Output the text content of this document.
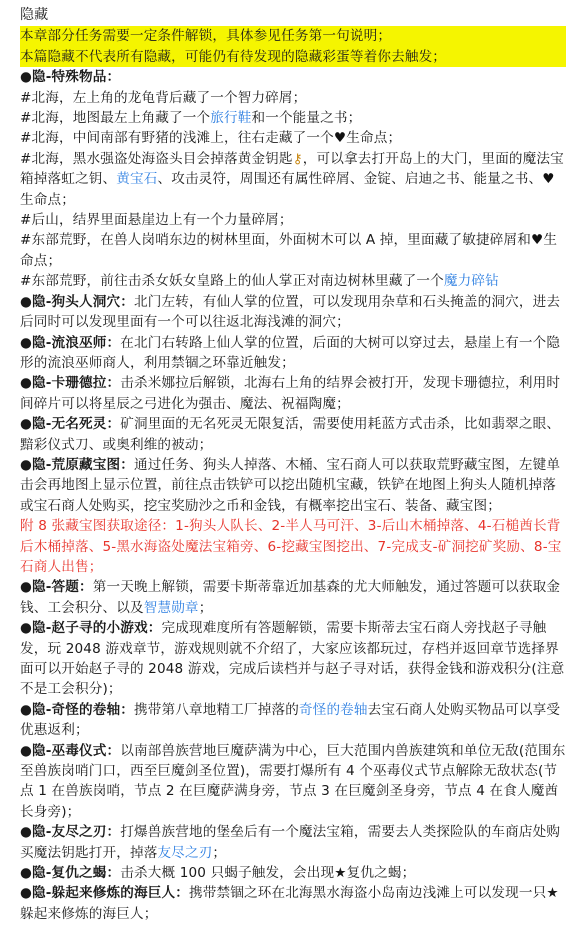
隐藏

本章部分任务需要一定条件解锁，具体参见任务第一句说明；
本篇隐藏不代表所有隐藏，可能仍有待发现的隐藏彩蛋等着你去触发；

●隐-特殊物品：

#北海，左上角的龙龟背后藏了一个智力碎屑；

#北海，地图最左上角藏了一个旅行鞋和一个能量之书；

#北海，中间南部有野猪的浅滩上，往右走藏了一个♥生命点；

#北海，黑水强盗处海盗头目会掉落黄金钥匙⚷，可以拿去打开岛上的大门，里面的魔法宝箱掉落虹之钥、黄宝石、攻击灵符，周围还有属性碎屑、金锭、启迪之书、能量之书、♥生命点；

#后山，结界里面悬崖边上有一个力量碎屑；

#东部荒野，在兽人岗哨东边的树林里面，外面树木可以 A 掉，里面藏了敏捷碎屑和♥生命点；

#东部荒野，前往击杀女妖女皇路上的仙人掌正对南边树林里藏了一个魔力碎钻

●隐-狗头人洞穴：北门左转，有仙人掌的位置，可以发现用杂草和石头掩盖的洞穴，进去后同时可以发现里面有一个可以往返北海浅滩的洞穴；

●隐-流浪巫师：在北门右转路上仙人掌的位置，后面的大树可以穿过去，悬崖上有一个隐形的流浪巫师商人，利用禁锢之环靠近触发；

●隐-卡珊德拉：击杀米娜拉后解锁，北海右上角的结界会被打开，发现卡珊德拉，利用时间碎片可以将星辰之弓进化为强击、魔法、祝福陶魔；

●隐-无名死灵：矿洞里面的无名死灵无限复活，需要使用耗蓝方式击杀，比如翡翠之眼、黯彩仪式刀、或奥利维的被动；

●隐-荒原藏宝图：通过任务、狗头人掉落、木桶、宝石商人可以获取荒野藏宝图，左键单击会再地图上显示位置，前往点击铁铲可以挖出随机宝藏，铁铲在地图上狗头人随机掉落或宝石商人处购买，挖宝奖励沙之币和金钱，有概率挖出宝石、装备、藏宝图；

附 8 张藏宝图获取途径：1-狗头人队长、2-半人马可汗、3-后山木桶掉落、4-石槌酋长背后木桶掉落、5-黑水海盗处魔法宝箱旁、6-挖藏宝图挖出、7-完成支-矿洞挖矿奖励、8-宝石商人出售；

●隐-答题：第一天晚上解锁，需要卡斯蒂靠近加基森的尤大师触发，通过答题可以获取金钱、工会积分、以及智慧勋章；

●隐-赵子寻的小游戏：完成现难度所有答题解锁，需要卡斯蒂去宝石商人旁找赵子寻触发，玩 2048 游戏章节，游戏规则就不介绍了，大家应该都玩过，存档并返回章节选择界面可以开始赵子寻的 2048 游戏，完成后读档并与赵子寻对话，获得金钱和游戏积分(注意不是工会积分)；

●隐-奇怪的卷轴：携带第八章地精工厂掉落的奇怪的卷轴去宝石商人处购买物品可以享受优惠返利；

●隐-巫毒仪式：以南部兽族营地巨魔萨满为中心，巨大范围内兽族建筑和单位无敌(范围东至兽族岗哨门口，西至巨魔剑圣位置)，需要打爆所有 4 个巫毒仪式节点解除无敌状态(节点 1 在兽族岗哨，节点 2 在巨魔萨满身旁，节点 3 在巨魔剑圣身旁，节点 4 在食人魔酋长身旁)；

●隐-友尽之刃：打爆兽族营地的堡垒后有一个魔法宝箱，需要去人类探险队的车商店处购买魔法钥匙打开，掉落友尽之刃；

●隐-复仇之蝎：击杀大概 100 只蝎子触发，会出现★复仇之蝎；

●隐-躲起来修炼的海巨人：携带禁锢之环在北海黑水海盗小岛南边浅滩上可以发现一只★躲起来修炼的海巨人；
